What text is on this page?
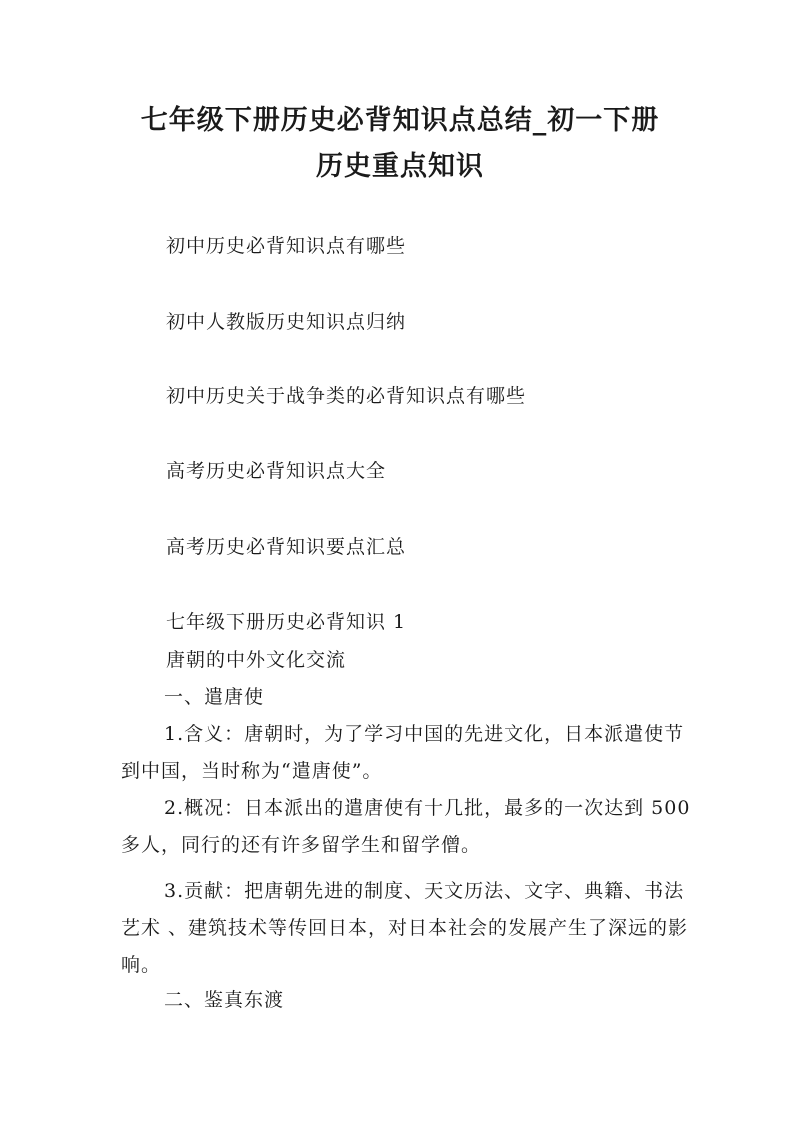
七年级下册历史必背知识点总结_初一下册
历史重点知识

初中历史必背知识点有哪些

初中人教版历史知识点归纳

初中历史关于战争类的必背知识点有哪些

高考历史必背知识点大全

高考历史必背知识要点汇总

七年级下册历史必背知识 1

唐朝的中外文化交流

一、遣唐使

1.含义：唐朝时，为了学习中国的先进文化，日本派遣使节到中国，当时称为“遣唐使”。

2.概况：日本派出的遣唐使有十几批，最多的一次达到 500 多人，同行的还有许多留学生和留学僧。

3.贡献：把唐朝先进的制度、天文历法、文字、典籍、书法艺术 、建筑技术等传回日本，对日本社会的发展产生了深远的影响。

二、鉴真东渡
